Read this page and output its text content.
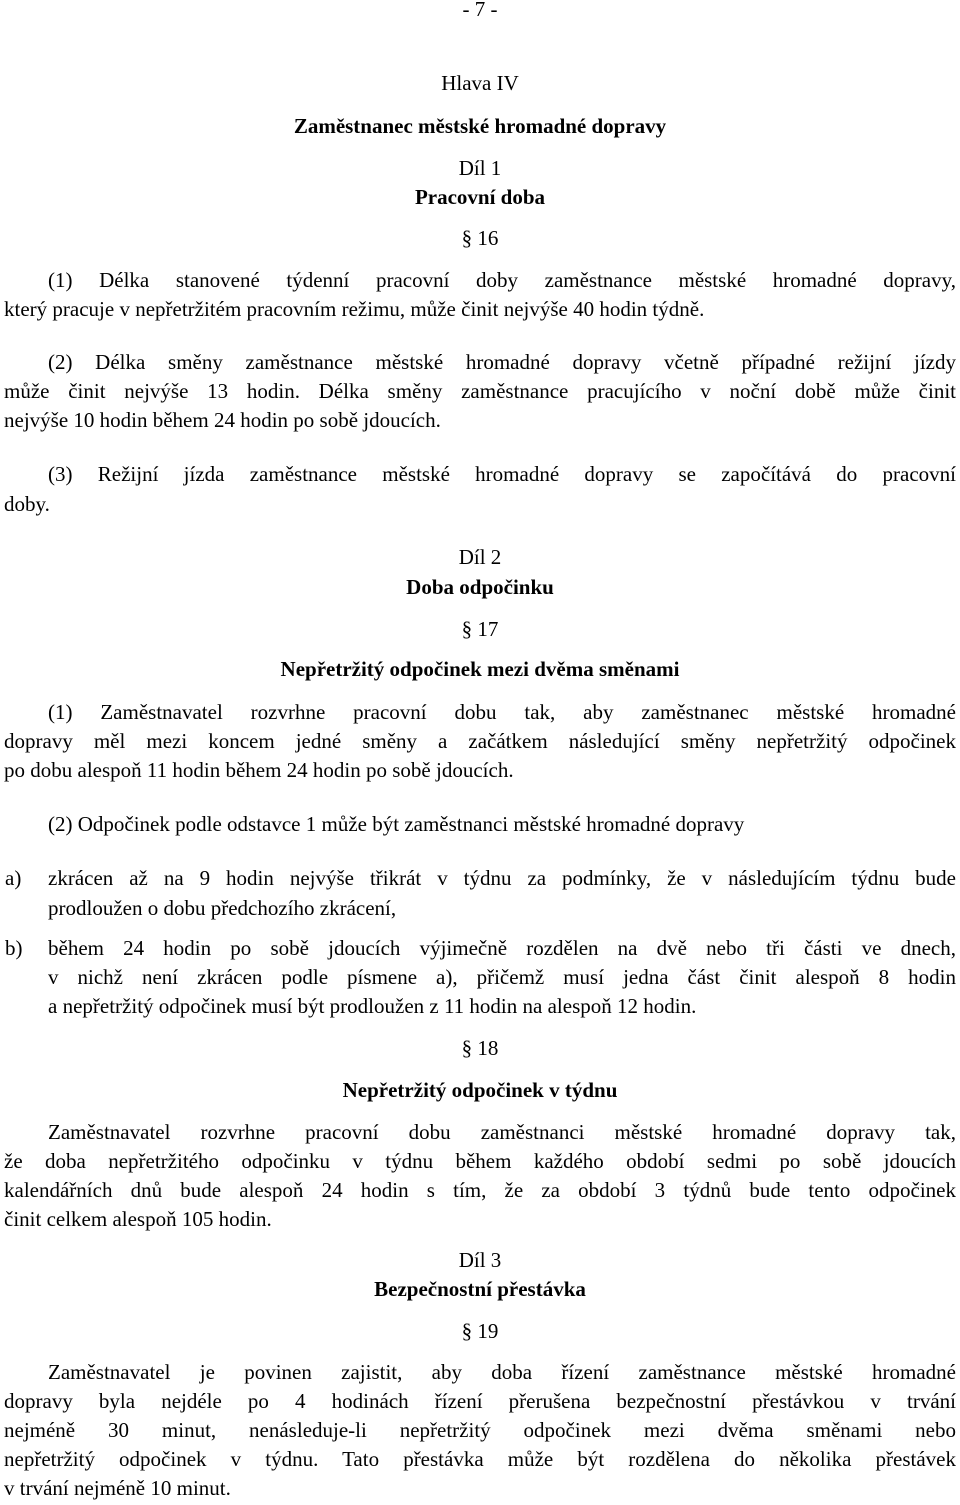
- 7 -
Hlava IV
Zaměstnanec městské hromadné dopravy
Díl 1
Pracovní doba
§ 16
(1) Délka stanovené týdenní pracovní doby zaměstnance městské hromadné dopravy,
který pracuje v nepřetržitém pracovním režimu, může činit nejvýše 40 hodin týdně.
(2) Délka směny zaměstnance městské hromadné dopravy včetně případné režijní jízdy
může činit nejvýše 13 hodin. Délka směny zaměstnance pracujícího v noční době může činit
nejvýše 10 hodin během 24 hodin po sobě jdoucích.
(3) Režijní jízda zaměstnance městské hromadné dopravy se započítává do pracovní
doby.
Díl 2
Doba odpočinku
§ 17
Nepřetržitý odpočinek mezi dvěma směnami
(1) Zaměstnavatel rozvrhne pracovní dobu tak, aby zaměstnanec městské hromadné
dopravy měl mezi koncem jedné směny a začátkem následující směny nepřetržitý odpočinek
po dobu alespoň 11 hodin během 24 hodin po sobě jdoucích.
(2) Odpočinek podle odstavce 1 může být zaměstnanci městské hromadné dopravy
a) zkrácen až na 9 hodin nejvýše třikrát v týdnu za podmínky, že v následujícím týdnu bude
prodloužen o dobu předchozího zkrácení,
b) během 24 hodin po sobě jdoucích výjimečně rozdělen na dvě nebo tři části ve dnech,
v nichž není zkrácen podle písmene a), přičemž musí jedna část činit alespoň 8 hodin
a nepřetržitý odpočinek musí být prodloužen z 11 hodin na alespoň 12 hodin.
§ 18
Nepřetržitý odpočinek v týdnu
Zaměstnavatel rozvrhne pracovní dobu zaměstnanci městské hromadné dopravy tak,
že doba nepřetržitého odpočinku v týdnu během každého období sedmi po sobě jdoucích
kalendářních dnů bude alespoň 24 hodin s tím, že za období 3 týdnů bude tento odpočinek
činit celkem alespoň 105 hodin.
Díl 3
Bezpečnostní přestávka
§ 19
Zaměstnavatel je povinen zajistit, aby doba řízení zaměstnance městské hromadné
dopravy byla nejdéle po 4 hodinách řízení přerušena bezpečnostní přestávkou v trvání
nejméně 30 minut, nenásleduje-li nepřetržitý odpočinek mezi dvěma směnami nebo
nepřetržitý odpočinek v týdnu. Tato přestávka může být rozdělena do několika přestávek
v trvání nejméně 10 minut.
